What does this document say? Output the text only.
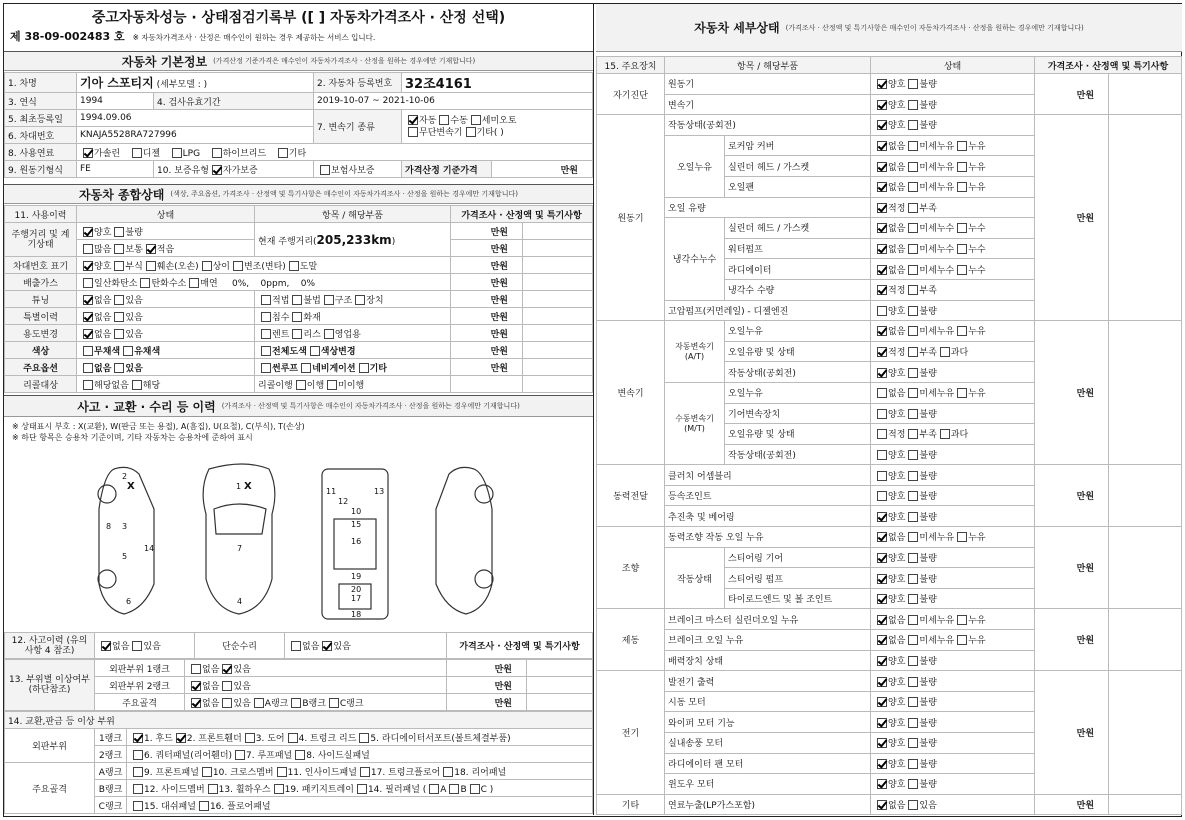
중고자동차성능 · 상태점검기록부 ([ ] 자동차가격조사 · 산정 선택)
제 38-09-002483 호 ※ 자동차가격조사 · 산정은 매수인이 원하는 경우 제공하는 서비스 입니다.
자동차 기본정보 (가격산정 기준가격은 매수인이 자동차가격조사 · 산정을 원하는 경우에만 기재합니다)
1. 차명	기아 스포티지 (세부모델 : )		2. 자동차 등록번호	32조4161	
3. 연식	1994	4. 검사유효기간	2019-10-07 ~ 2021-10-06		
5. 최초등록일	1994.09.06		7. 변속기 종류	자동 수동 세미오토
무단변속기 기타( )	
6. 차대번호	KNAJA5528RA727996				
8. 사용연료	가솔린 디젤 LPG 하이브리드 기타				
9. 원동기형식	FE	10. 보증유형 자가보증	보험사보증	가격산정 기준가격	만원
자동차 종합상태 (색상, 주요옵션, 가격조사 · 산정액 및 특기사항은 매수인이 자동차가격조사 · 산정을 원하는 경우에만 기재합니다)
11. 사용이력	상태	항목 / 해당부품	가격조사 · 산정액 및 특기사항	
주행거리 및 계기상태	양호 불량	현재 주행거리(205,233km)	만원	
	많음 보통 적음		만원	
차대번호 표기	양호 부식 훼손(오손) 상이 변조(변타) 도말		만원	
배출가스	일산화탄소 탄화수소 매연 0%,    0ppm,    0%		만원	
튜닝	없음 있음	적법 불법 구조 장치	만원	
특별이력	없음 있음	침수 화재	만원	
용도변경	없음 있음	렌트 리스 영업용	만원	
색상	무채색 유채색	전체도색 색상변경	만원	
주요옵션	없음 있음	썬루프 네비게이션 기타	만원	
리콜대상	해당없음 해당	리콜이행 이행 미이행		
사고 · 교환 · 수리 등 이력 (가격조사 · 산정액 및 특기사항은 매수인이 자동차가격조사 · 산정을 원하는 경우에만 기재합니다)
※ 상태표시 부호 : X(교환), W(판금 또는 용접), A(흠집), U(요철), C(부식), T(손상)
※ 하단 항목은 승용차 기준이며, 기타 자동차는 승용차에 준하여 표시
2
X	1 X
3
4
5
6
7
8
10
11
12
13
14
15
16
17
19
18
20
12. 사고이력 (유의사항 4 참조)	없음 있음	단순수리	없음 있음	가격조사 · 산정액 및 특기사항
13. 부위별 이상여부 (하단참조)	외판부위 1랭크	없음 있음	만원	
	외판부위 2랭크	없음 있음	만원	
	주요골격	없음 있음 A랭크 B랭크 C랭크	만원	
14. 교환,판금 등 이상 부위		
외판부위	1랭크	1. 후드 2. 프론트휀더 3. 도어 4. 트렁크 리드 5. 라디에이터서포트(볼트체결부품)
	2랭크	6. 쿼터패널(리어휀더) 7. 루프패널 8. 사이드실패널
주요골격	A랭크	9. 프론트패널 10. 크로스멤버 11. 인사이드패널 17. 트렁크플로어 18. 리어패널
	B랭크	12. 사이드멤버 13. 휠하우스 19. 패키지트레이 14. 필러패널 ( A B C )
	C랭크	15. 대쉬패널 16. 플로어패널
자동차 세부상태 (가격조사 · 산정액 및 특기사항은 매수인이 자동차가격조사 · 산정을 원하는 경우에만 기재합니다)
15. 주요장치	항목 / 해당부품		상태	가격조사 · 산정액 및 특기사항	
자기진단	원동기		양호 불량	만원	
	변속기		양호 불량		
원동기	작동상태(공회전)		양호 불량	만원	
	오일누유	로커암 커버	없음 미세누유 누유		
		실린더 헤드 / 가스켓	없음 미세누유 누유		
		오일팬	없음 미세누유 누유		
	오일 유량		적정 부족		
	냉각수누수	실린더 헤드 / 가스켓	없음 미세누수 누수		
		워터펌프	없음 미세누수 누수		
		라디에이터	없음 미세누수 누수		
		냉각수 수량	적정 부족		
	고압펌프(커먼레일) - 디젤엔진		양호 불량		
변속기	자동변속기 (A/T)	오일누유	없음 미세누유 누유	만원	
		오일유량 및 상태	적정 부족 과다		
		작동상태(공회전)	양호 불량		
	수동변속기 (M/T)	오일누유	없음 미세누유 누유		
		기어변속장치	양호 불량		
		오일유량 및 상태	적정 부족 과다		
		작동상태(공회전)	양호 불량		
동력전달	클러치 어셈블리		양호 불량	만원	
	등속조인트		양호 불량		
	추진축 및 베어링		양호 불량		
조향	동력조향 작동 오일 누유		없음 미세누유 누유	만원	
	작동상태	스티어링 기어	양호 불량		
		스티어링 펌프	양호 불량		
		타이로드엔드 및 볼 조인트	양호 불량		
제동	브레이크 마스터 실린더오일 누유		없음 미세누유 누유	만원	
	브레이크 오일 누유		없음 미세누유 누유		
	배력장치 상태		양호 불량		
전기	발전기 출력		양호 불량	만원	
	시동 모터		양호 불량		
	와이퍼 모터 기능		양호 불량		
	실내송풍 모터		양호 불량		
	라디에이터 팬 모터		양호 불량		
	윈도우 모터		양호 불량		
기타	연료누출(LP가스포함)		없음 있음	만원	
